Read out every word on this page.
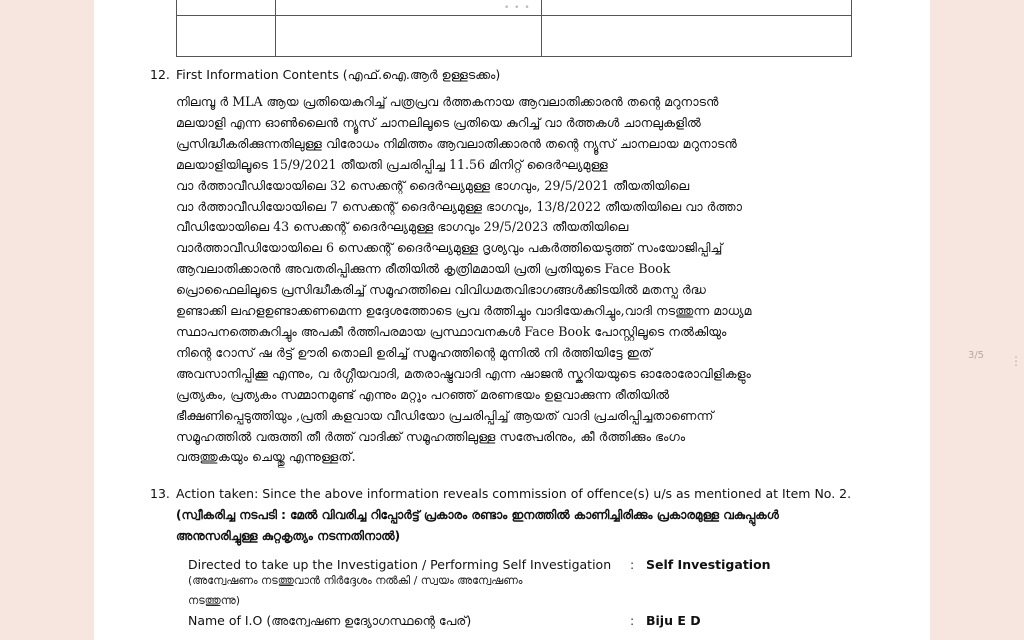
• • •
12. First Information Contents (എഫ്.ഐ.ആർ ഉള്ളടക്കം)
നിലമ്പൂ ർ MLA ആയ പ്രതിയെകുറിച്ച് പത്രപ്രവ ർത്തകനായ ആവലാതിക്കാരൻ തന്റെ മറുനാടൻ
മലയാളി എന്ന ഓൺലൈൻ ന്യൂസ് ചാനലിലൂടെ പ്രതിയെ കുറിച്ച് വാ ർത്തകൾ ചാനലുകളിൽ
പ്രസിദ്ധീകരിക്കുന്നതിലുള്ള വിരോധം നിമിത്തം ആവലാതിക്കാരൻ തന്റെ ന്യൂസ് ചാനലായ മറുനാടൻ
മലയാളിയിലൂടെ 15/9/2021 തീയതി പ്രചരിപ്പിച്ച 11.56 മിനിറ്റ് ദൈർഘ്യമുള്ള
വാ ർത്താവീഡിയോയിലെ 32 സെക്കന്റ് ദൈർഘ്യമുള്ള ഭാഗവും, 29/5/2021 തീയതിയിലെ
വാ ർത്താവീഡിയോയിലെ 7 സെക്കന്റ് ദൈർഘ്യമുള്ള ഭാഗവും, 13/8/2022 തീയതിയിലെ വാ ർത്താ
വീഡിയോയിലെ 43 സെക്കന്റ് ദൈർഘ്യമുള്ള ഭാഗവും 29/5/2023 തീയതിയിലെ
വാർത്താവീഡിയോയിലെ 6 സെക്കന്റ് ദൈർഘ്യമുള്ള ദൃശ്യവും പകർത്തിയെടുത്ത് സംയോജിപ്പിച്ച്
ആവലാതിക്കാരൻ അവതരിപ്പിക്കുന്ന രീതിയിൽ കൃത്രിമമായി പ്രതി പ്രതിയുടെ Face Book
പ്രൊഫൈലിലൂടെ പ്രസിദ്ധീകരിച്ച് സമൂഹത്തിലെ വിവിധമതവിഭാഗങ്ങൾക്കിടയിൽ മതസ്പ ർദ്ധ
ഉണ്ടാക്കി ലഹളഉണ്ടാക്കണമെന്ന ഉദ്ദേശത്തോടെ പ്രവ ർത്തിച്ചും വാദിയേകുറിച്ചും,വാദി നടത്തുന്ന മാധ്യമ
സ്ഥാപനത്തെകുറിച്ചും അപകീ ർത്തിപരമായ പ്രസ്ഥാവനകൾ Face Book പോസ്റ്റിലൂടെ നൽകിയും
നിന്റെ റോസ് ഷ ർട്ട് ഊരി തൊലി ഉരിച്ച് സമൂഹത്തിന്റെ മുന്നിൽ നി ർത്തിയിട്ടേ ഇത്
അവസാനിപ്പിക്കൂ എന്നും, വ ർഗ്ഗീയവാദി, മതരാഷ്ട്രവാദി എന്ന ഷാജൻ സ്കറിയയുടെ ഓരോരോവിളികളും
പ്രത്യകം, പ്രത്യകം സമ്മാനമുണ്ട് എന്നും മറ്റും പറഞ്ഞ് മരണഭയം ഉളവാക്കുന്ന രീതിയിൽ
ഭീക്ഷണിപ്പെടുത്തിയും ,പ്രതി കളവായ വീഡിയോ പ്രചരിപ്പിച്ച് ആയത് വാദി പ്രചരിപ്പിച്ചതാണെന്ന്
സമൂഹത്തിൽ വരുത്തി തീ ർത്ത് വാദിക്ക് സമൂഹത്തിലുള്ള സത്പേരിനും, കീ ർത്തിക്കും ഭംഗം
വരുത്തുകയും ചെയ്തു എന്നുള്ളത്.
13. Action taken: Since the above information reveals commission of offence(s) u/s as mentioned at Item No. 2.
(സ്വീകരിച്ച നടപടി : മേൽ വിവരിച്ച റിപ്പോർട്ട് പ്രകാരം രണ്ടാം ഇനത്തിൽ കാണിച്ചിരിക്കും പ്രകാരമുള്ള വകുപ്പുകൾ
അനുസരിച്ചുള്ള കുറ്റകൃത്യം നടന്നതിനാൽ)
Directed to take up the Investigation / Performing Self Investigation
(അന്വേഷണം നടത്തുവാൻ നിർദ്ദേശം നൽകി / സ്വയം അന്വേഷണം
നടത്തുന്നു)
: Self Investigation
Name of I.O (അന്വേഷണ ഉദ്യോഗസ്ഥന്റെ പേര്)	: Biju E D
3/5	⋮
